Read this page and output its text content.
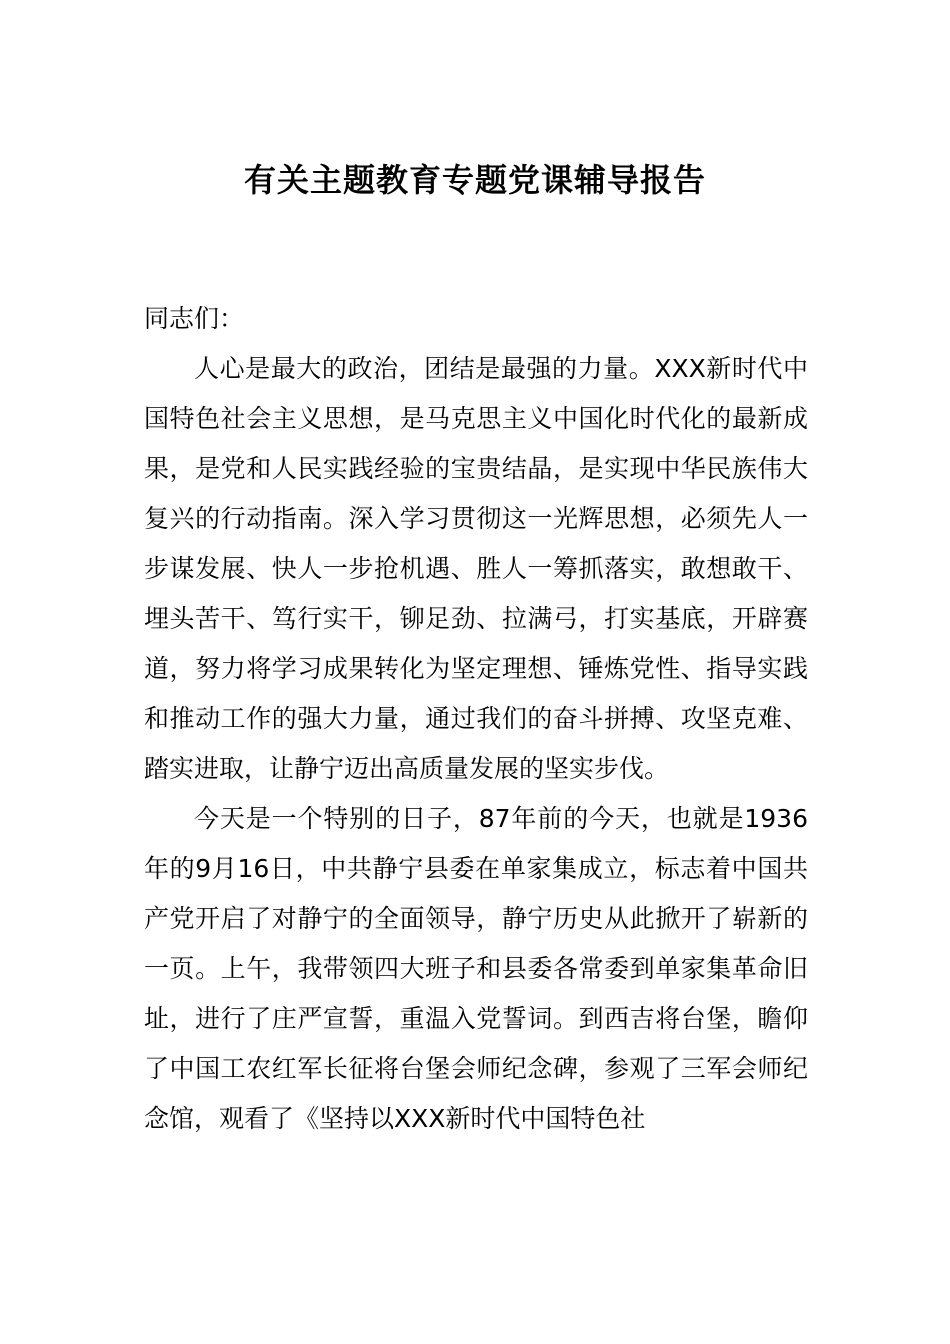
有关主题教育专题党课辅导报告

同志们：

人心是最大的政治，团结是最强的力量。XXX新时代中国特色社会主义思想，是马克思主义中国化时代化的最新成果，是党和人民实践经验的宝贵结晶，是实现中华民族伟大复兴的行动指南。深入学习贯彻这一光辉思想，必须先人一步谋发展、快人一步抢机遇、胜人一筹抓落实，敢想敢干、埋头苦干、笃行实干，铆足劲、拉满弓，打实基底，开辟赛道，努力将学习成果转化为坚定理想、锤炼党性、指导实践和推动工作的强大力量，通过我们的奋斗拼搏、攻坚克难、踏实进取，让静宁迈出高质量发展的坚实步伐。

今天是一个特别的日子，87年前的今天，也就是1936年的9月16日，中共静宁县委在单家集成立，标志着中国共产党开启了对静宁的全面领导，静宁历史从此掀开了崭新的一页。上午，我带领四大班子和县委各常委到单家集革命旧址，进行了庄严宣誓，重温入党誓词。到西吉将台堡，瞻仰了中国工农红军长征将台堡会师纪念碑，参观了三军会师纪念馆，观看了《坚持以XXX新时代中国特色社
